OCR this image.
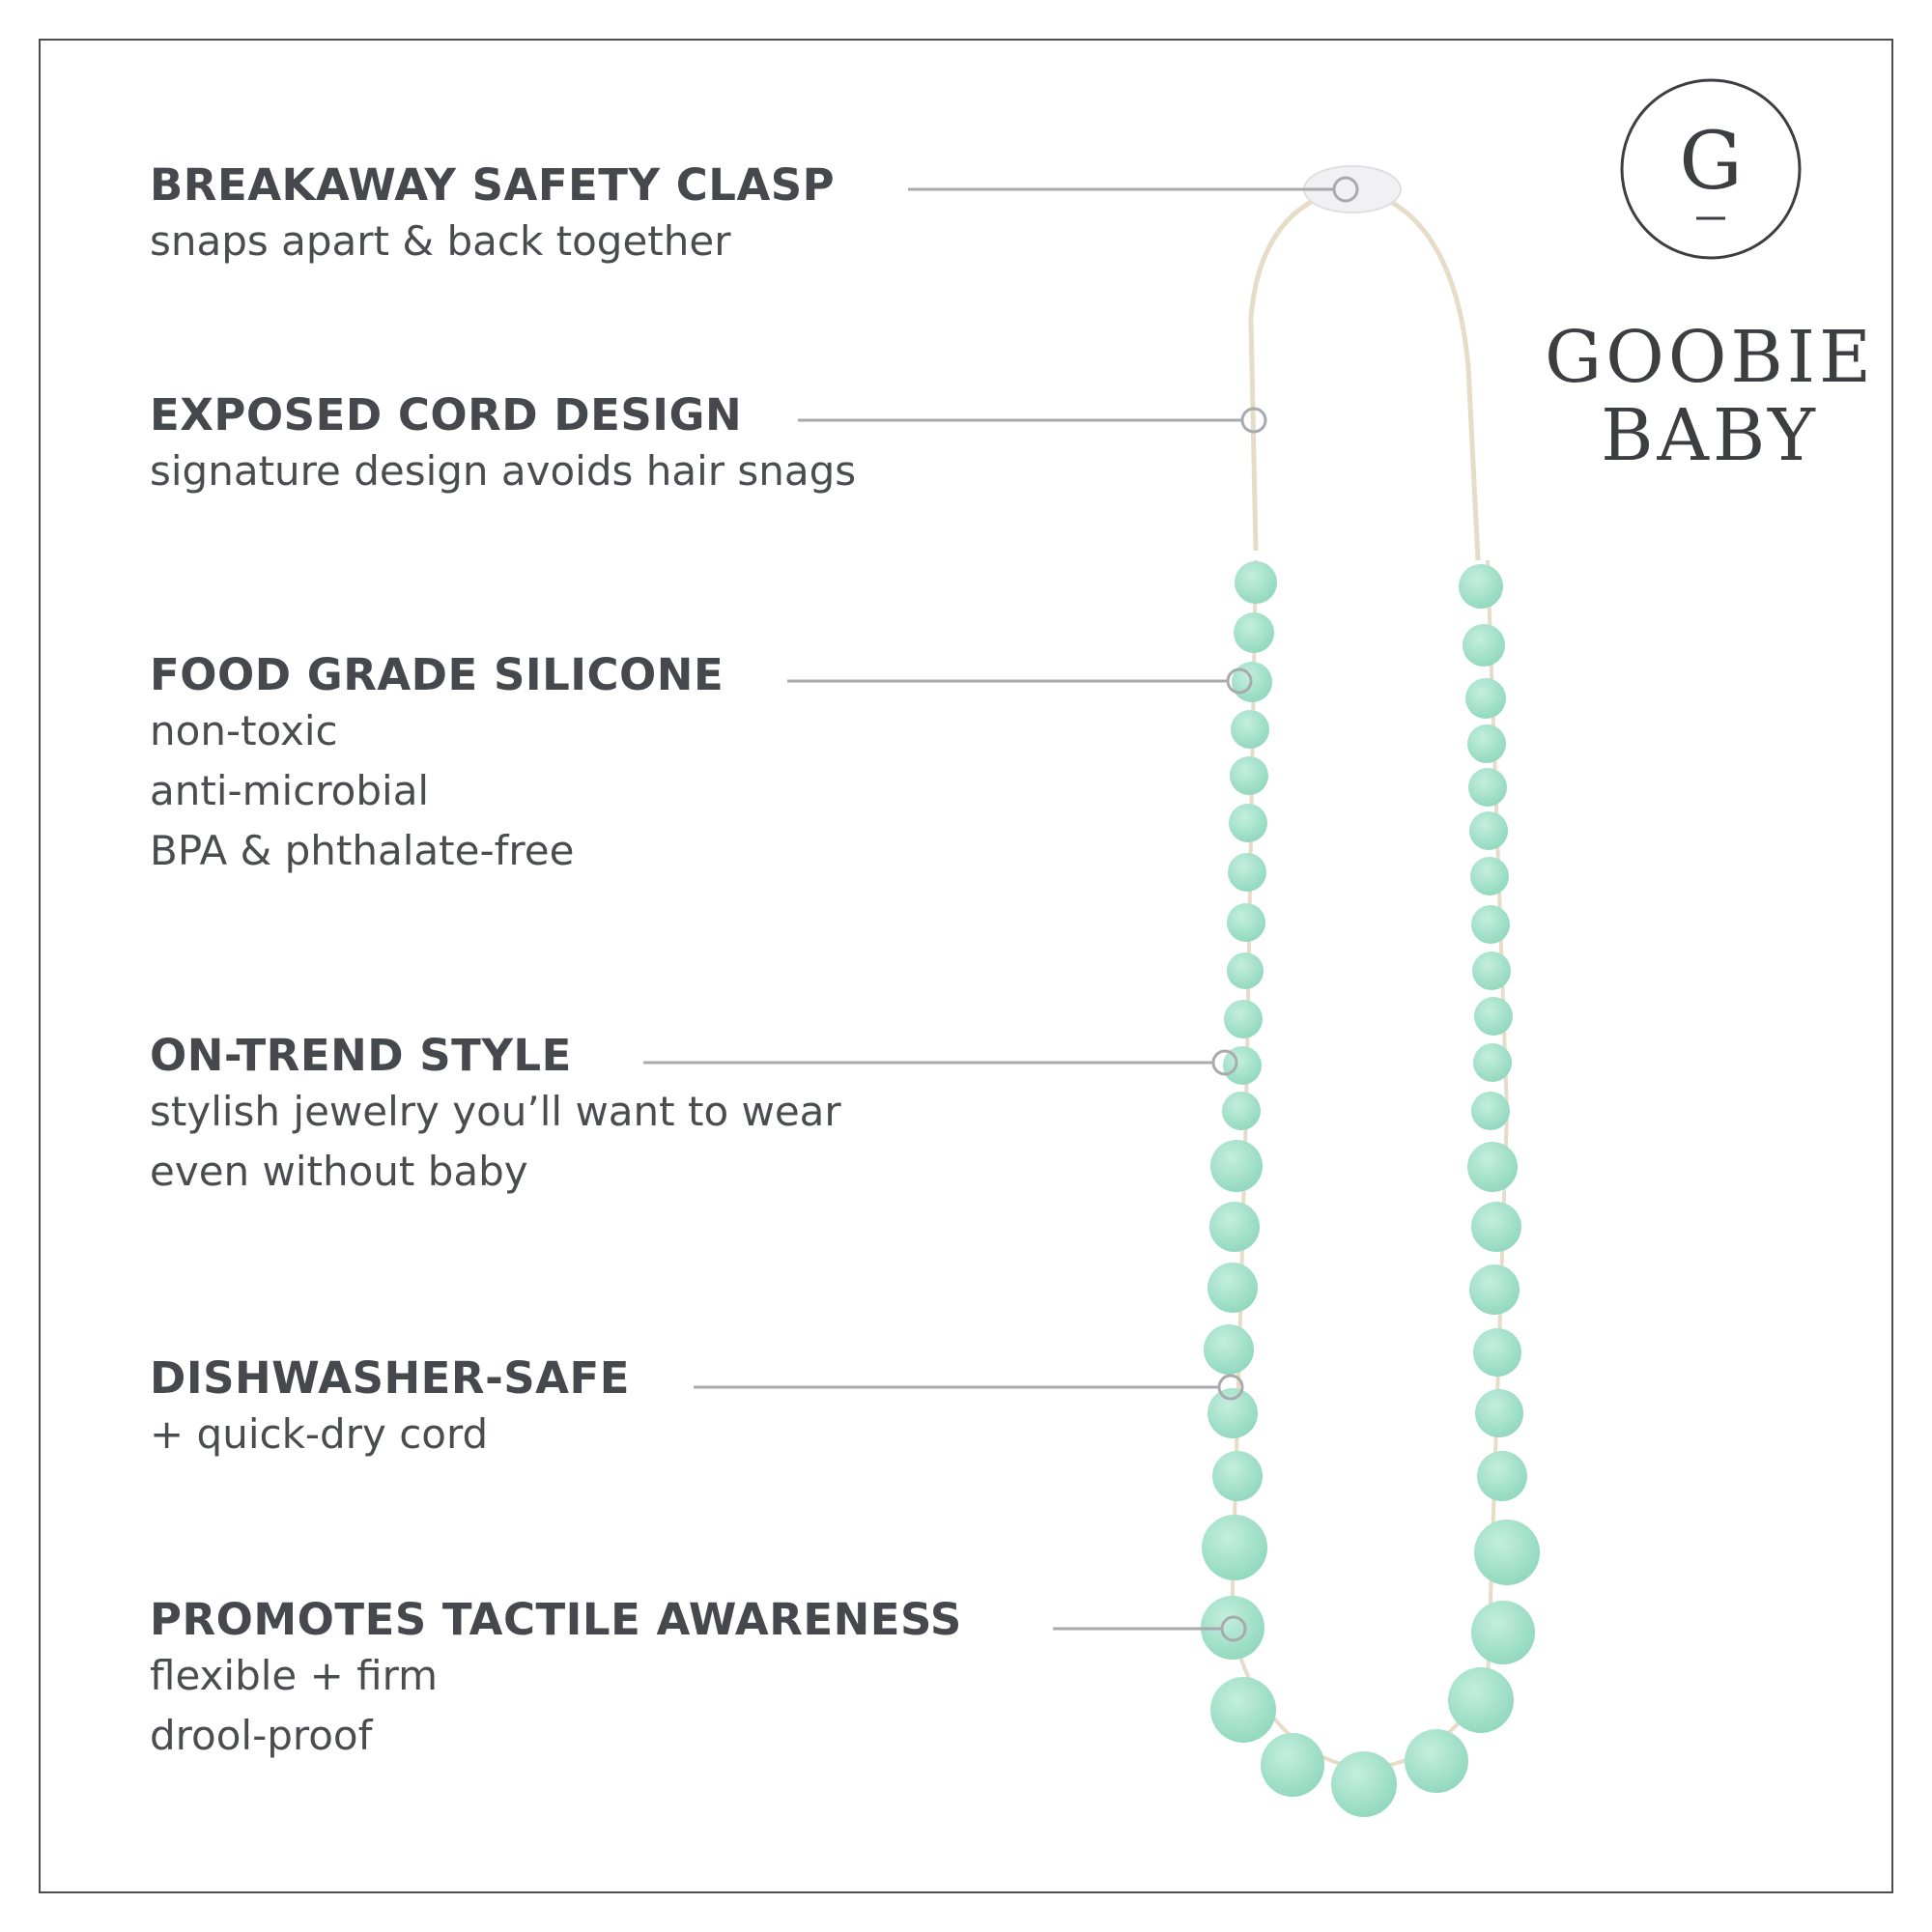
G
GOOBIE
BABY
BREAKAWAY SAFETY CLASP
snaps apart & back together
EXPOSED CORD DESIGN
signature design avoids hair snags
FOOD GRADE SILICONE
non-toxic
anti-microbial
BPA & phthalate-free
ON-TREND STYLE
stylish jewelry you’ll want to wear
even without baby
DISHWASHER-SAFE
+ quick-dry cord
PROMOTES TACTILE AWARENESS
flexible + firm
drool-proof
